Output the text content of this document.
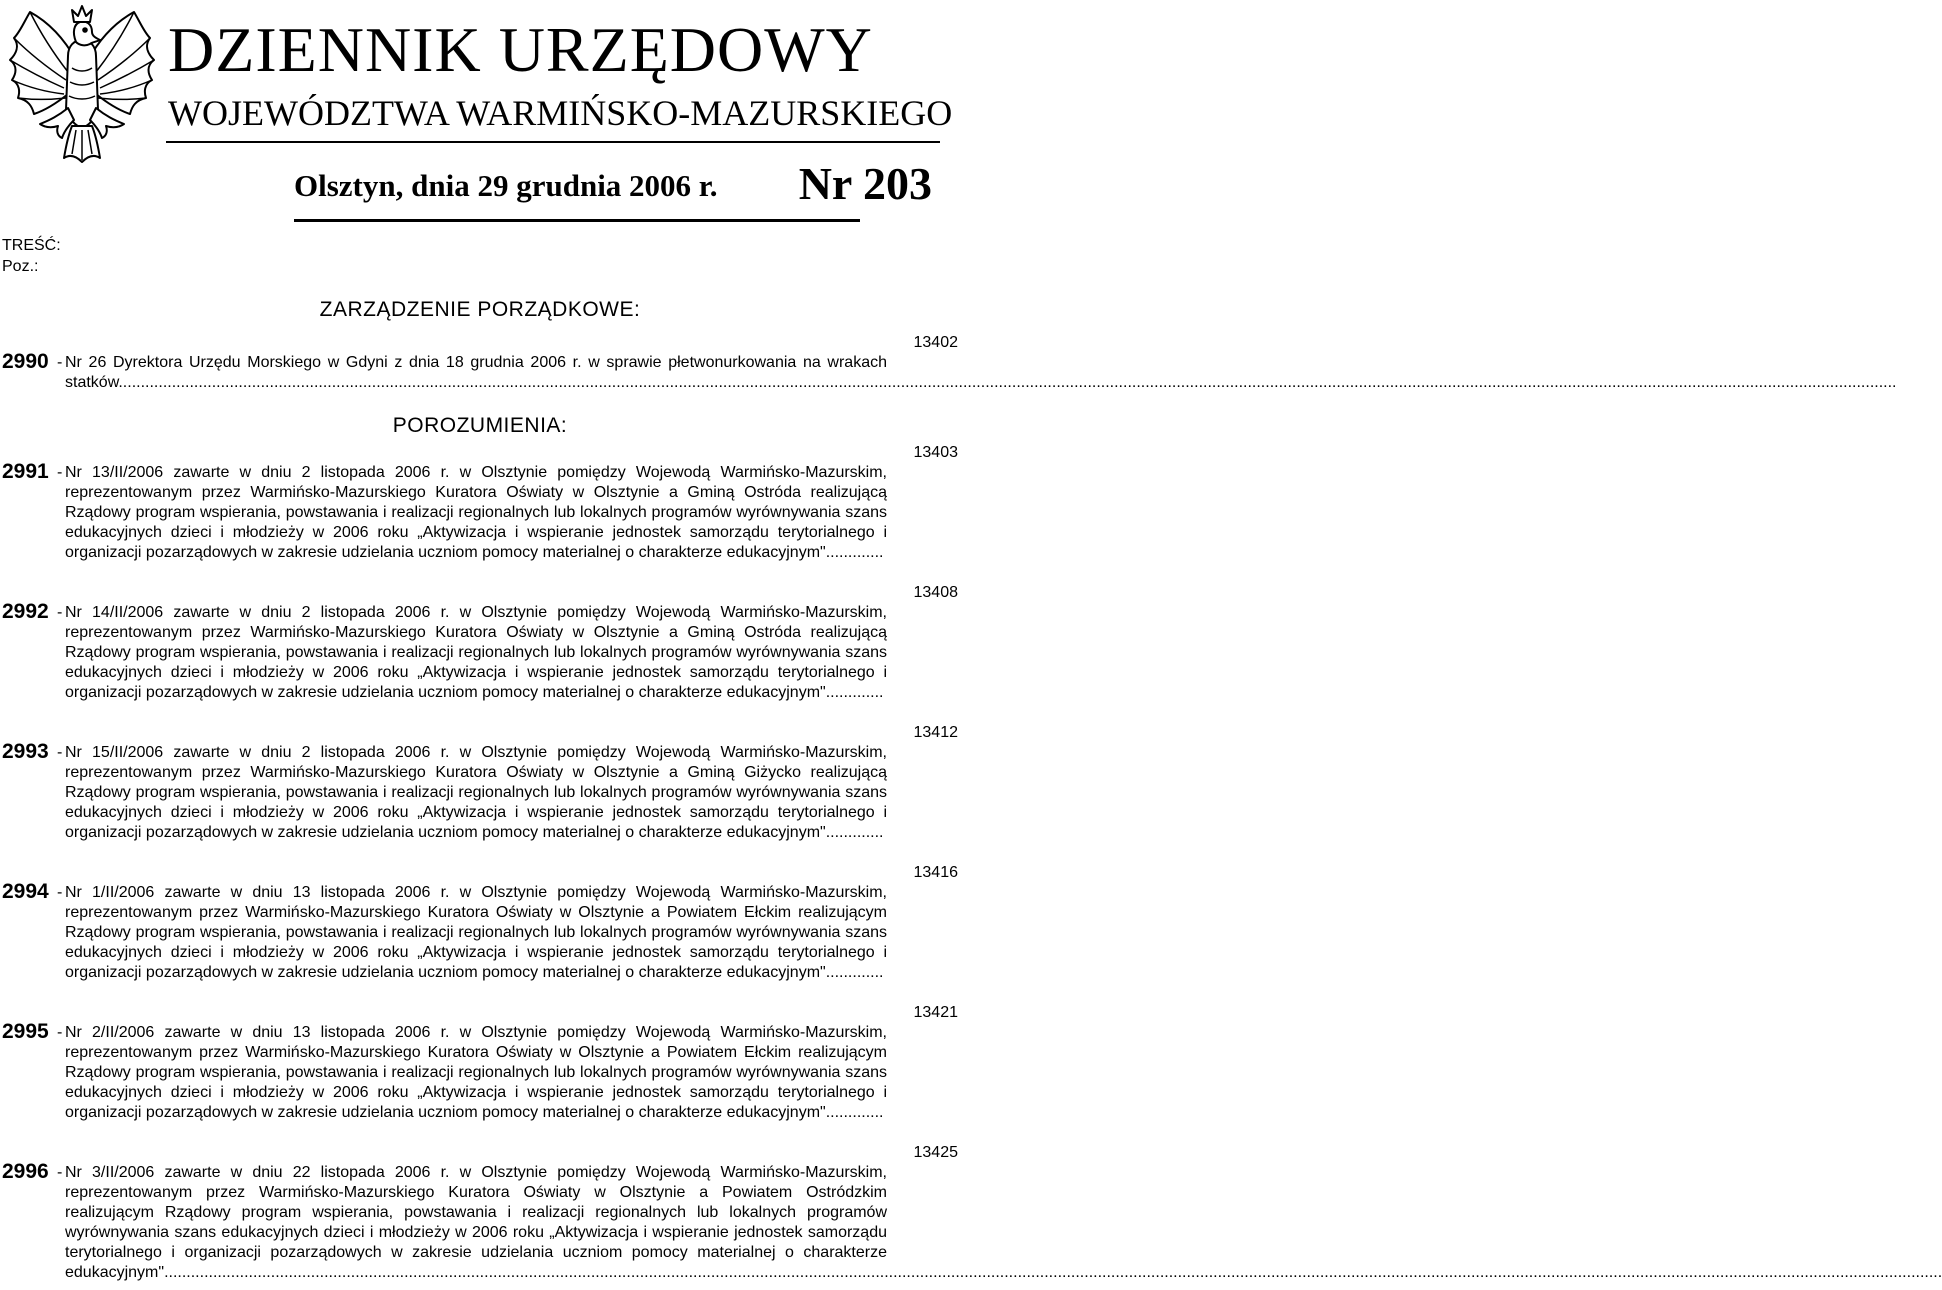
DZIENNIK URZĘDOWY
WOJEWÓDZTWA WARMIŃSKO-MAZURSKIEGO
Olsztyn, dnia 29 grudnia 2006 r. Nr 203
TREŚĆ:
Poz.:
ZARZĄDZENIE PORZĄDKOWE:
2990 - Nr 26 Dyrektora Urzędu Morskiego w Gdyni z dnia 18 grudnia 2006 r. w sprawie płetwonurkowania na wrakach statków................................................................................................................................................................................................................................................................................................................................................................................................................
13402
POROZUMIENIA:
2991 - Nr 13/II/2006 zawarte w dniu 2 listopada 2006 r. w Olsztynie pomiędzy Wojewodą Warmińsko-Mazurskim, reprezentowanym przez Warmińsko-Mazurskiego Kuratora Oświaty w Olsztynie a Gminą Ostróda realizującą Rządowy program wspierania, powstawania i realizacji regionalnych lub lokalnych programów wyrównywania szans edukacyjnych dzieci i młodzieży w 2006 roku „Aktywizacja i wspieranie jednostek samorządu terytorialnego i organizacji pozarządowych w zakresie udzielania uczniom pomocy materialnej o charakterze edukacyjnym".............
13403
2992 - Nr 14/II/2006 zawarte w dniu 2 listopada 2006 r. w Olsztynie pomiędzy Wojewodą Warmińsko-Mazurskim, reprezentowanym przez Warmińsko-Mazurskiego Kuratora Oświaty w Olsztynie a Gminą Ostróda realizującą Rządowy program wspierania, powstawania i realizacji regionalnych lub lokalnych programów wyrównywania szans edukacyjnych dzieci i młodzieży w 2006 roku „Aktywizacja i wspieranie jednostek samorządu terytorialnego i organizacji pozarządowych w zakresie udzielania uczniom pomocy materialnej o charakterze edukacyjnym".............
13408
2993 - Nr 15/II/2006 zawarte w dniu 2 listopada 2006 r. w Olsztynie pomiędzy Wojewodą Warmińsko-Mazurskim, reprezentowanym przez Warmińsko-Mazurskiego Kuratora Oświaty w Olsztynie a Gminą Giżycko realizującą Rządowy program wspierania, powstawania i realizacji regionalnych lub lokalnych programów wyrównywania szans edukacyjnych dzieci i młodzieży w 2006 roku „Aktywizacja i wspieranie jednostek samorządu terytorialnego i organizacji pozarządowych w zakresie udzielania uczniom pomocy materialnej o charakterze edukacyjnym".............
13412
2994 - Nr 1/II/2006 zawarte w dniu 13 listopada 2006 r. w Olsztynie pomiędzy Wojewodą Warmińsko-Mazurskim, reprezentowanym przez Warmińsko-Mazurskiego Kuratora Oświaty w Olsztynie a Powiatem Ełckim realizującym Rządowy program wspierania, powstawania i realizacji regionalnych lub lokalnych programów wyrównywania szans edukacyjnych dzieci i młodzieży w 2006 roku „Aktywizacja i wspieranie jednostek samorządu terytorialnego i organizacji pozarządowych w zakresie udzielania uczniom pomocy materialnej o charakterze edukacyjnym".............
13416
2995 - Nr 2/II/2006 zawarte w dniu 13 listopada 2006 r. w Olsztynie pomiędzy Wojewodą Warmińsko-Mazurskim, reprezentowanym przez Warmińsko-Mazurskiego Kuratora Oświaty w Olsztynie a Powiatem Ełckim realizującym Rządowy program wspierania, powstawania i realizacji regionalnych lub lokalnych programów wyrównywania szans edukacyjnych dzieci i młodzieży w 2006 roku „Aktywizacja i wspieranie jednostek samorządu terytorialnego i organizacji pozarządowych w zakresie udzielania uczniom pomocy materialnej o charakterze edukacyjnym".............
13421
2996 - Nr 3/II/2006 zawarte w dniu 22 listopada 2006 r. w Olsztynie pomiędzy Wojewodą Warmińsko-Mazurskim, reprezentowanym przez Warmińsko-Mazurskiego Kuratora Oświaty w Olsztynie a Powiatem Ostródzkim realizującym Rządowy program wspierania, powstawania i realizacji regionalnych lub lokalnych programów wyrównywania szans edukacyjnych dzieci i młodzieży w 2006 roku „Aktywizacja i wspieranie jednostek samorządu terytorialnego i organizacji pozarządowych w zakresie udzielania uczniom pomocy materialnej o charakterze edukacyjnym"................................................................................................................................................................................................................................................................................................................................................................................................................
13425
